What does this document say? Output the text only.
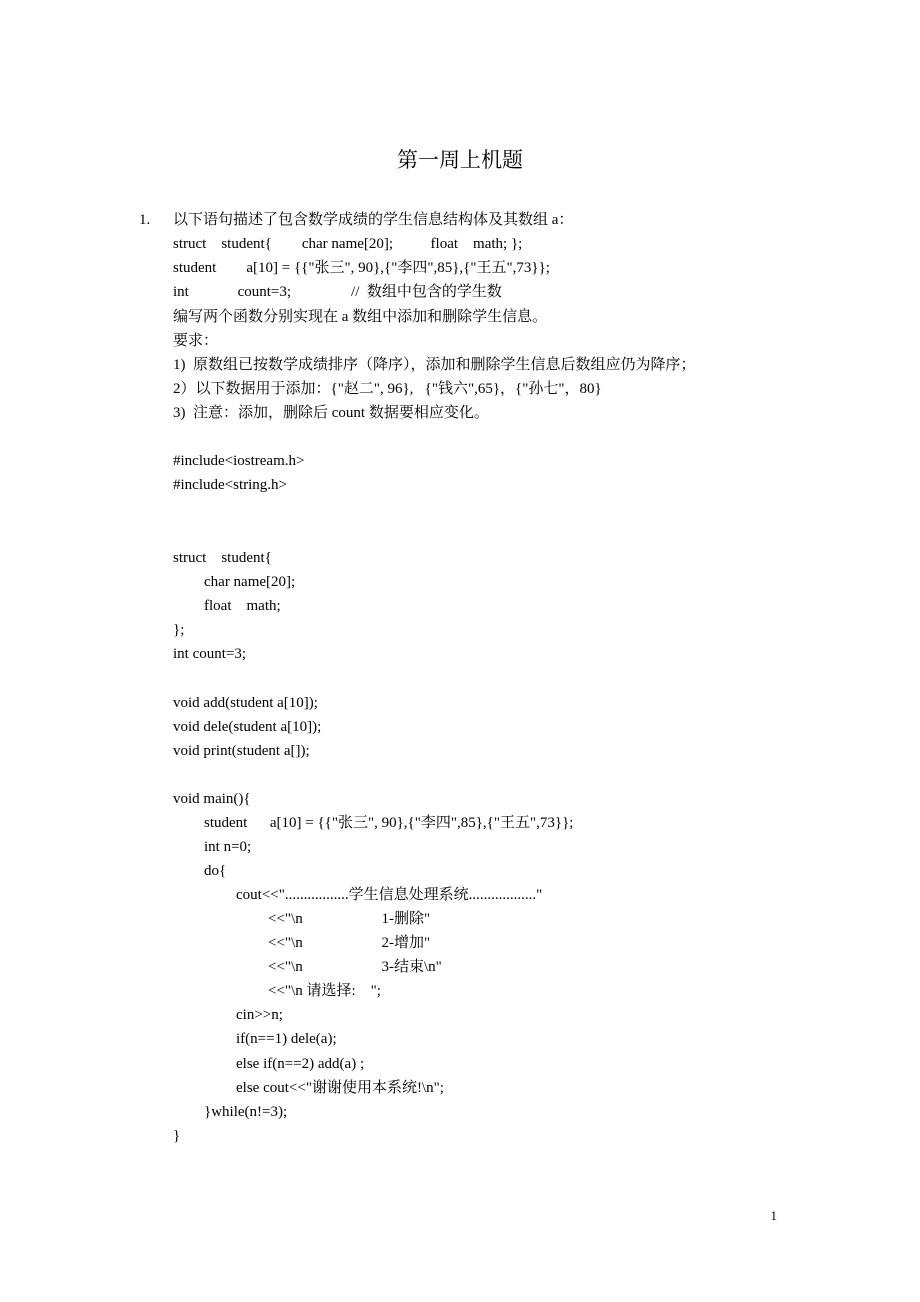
第一周上机题
1. 以下语句描述了包含数学成绩的学生信息结构体及其数组 a：
struct    student{        char name[20];          float    math; };
student        a[10] = {{"张三", 90},{"李四",85},{"王五",73}};
int             count=3;                //  数组中包含的学生数
编写两个函数分别实现在 a 数组中添加和删除学生信息。
要求：
1)  原数组已按数学成绩排序（降序），添加和删除学生信息后数组应仍为降序；
2）以下数据用于添加：{"赵二", 96},   {"钱六",65}，{"孙七"，80}
3)  注意：添加，删除后 count 数据要相应变化。
#include<iostream.h>
#include<string.h>
struct    student{
char name[20];
float    math;
};
int count=3;
void add(student a[10]);
void dele(student a[10]);
void print(student a[]);
void main(){
student      a[10] = {{"张三", 90},{"李四",85},{"王五",73}};
int n=0;
do{
cout<<".................学生信息处理系统.................."
<<"\n                     1-删除"
<<"\n                     2-增加"
<<"\n                     3-结束\n"
<<"\n 请选择:    ";
cin>>n;
if(n==1) dele(a);
else if(n==2) add(a) ;
else cout<<"谢谢使用本系统!\n";
}while(n!=3);
}
1
